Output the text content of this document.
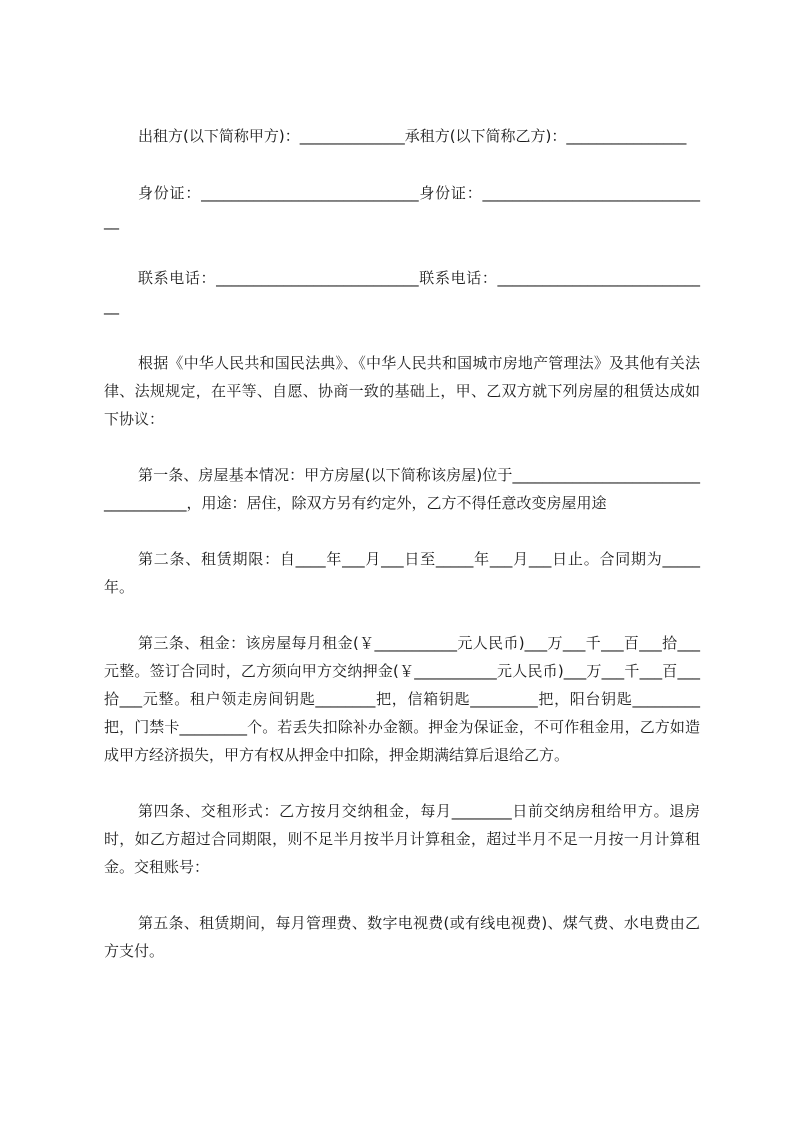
出租方(以下简称甲方)：______________承租方(以下简称乙方)：________________

身份证：_____________________________身份证：_______________________________

联系电话：___________________________联系电话：_____________________________

根据《中华人民共和国民法典》、《中华人民共和国城市房地产管理法》及其他有关法律、法规规定，在平等、自愿、协商一致的基础上，甲、乙双方就下列房屋的租赁达成如下协议：

第一条、房屋基本情况：甲方房屋(以下简称该房屋)位于____________________________________，用途：居住，除双方另有约定外，乙方不得任意改变房屋用途

第二条、租赁期限：自____年___月___日至_____年___月___日止。合同期为_____年。

第三条、租金：该房屋每月租金(￥___________元人民币)___万___千___百___拾___元整。签订合同时，乙方须向甲方交纳押金(￥___________元人民币)___万___千___百___拾___元整。租户领走房间钥匙________把，信箱钥匙_________把，阳台钥匙_________把，门禁卡_________个。若丢失扣除补办金额。押金为保证金，不可作租金用，乙方如造成甲方经济损失，甲方有权从押金中扣除，押金期满结算后退给乙方。

第四条、交租形式：乙方按月交纳租金，每月________日前交纳房租给甲方。退房时，如乙方超过合同期限，则不足半月按半月计算租金，超过半月不足一月按一月计算租金。交租账号：

第五条、租赁期间，每月管理费、数字电视费(或有线电视费)、煤气费、水电费由乙方支付。
